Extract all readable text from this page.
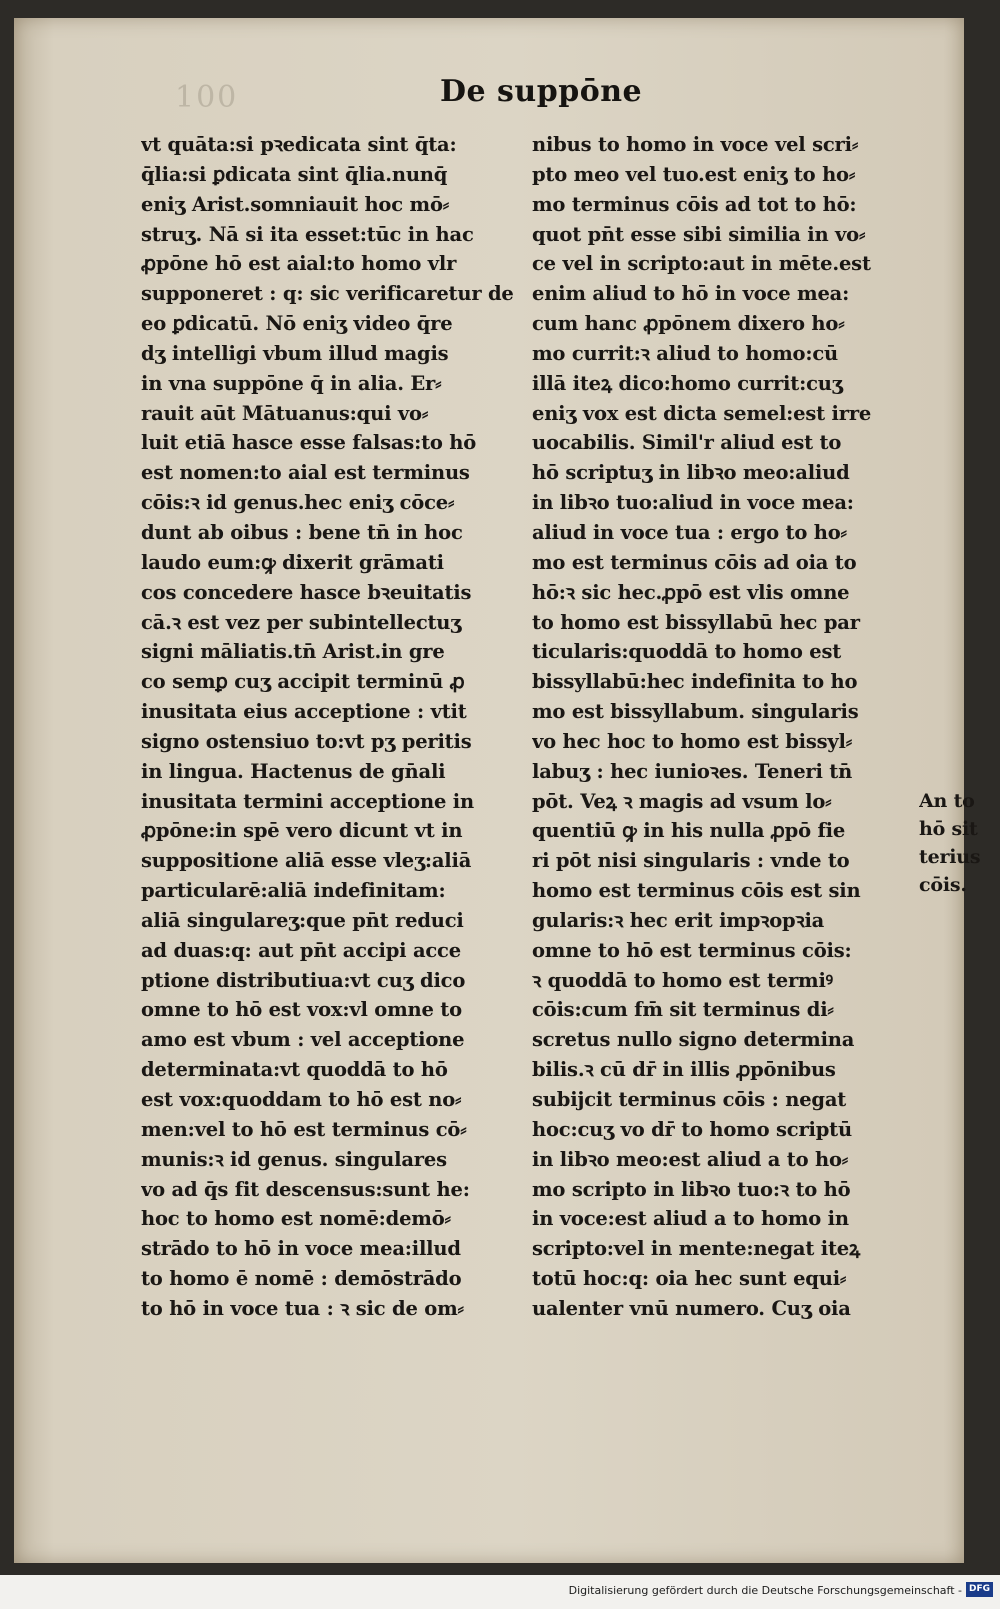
100	De suppōne
vt quāta:si pꝛedicata sint q̄ta:
q̄lia:si ꝑdicata sint q̄lia.nunq̄
eniʒ Arist.somniauit hoc mō⸗
struʒ. Nā si ita esset:tūc in hac
ꝓpōne hō est aial:to homo vlr
supponeret : q: sic verificaretur de
eo ꝑdicatū. Nō eniʒ video q̄re
dʒ intelligi vbum illud magis
in vna suppōne q̄ in alia. Er⸗
rauit aūt Mātuanus:qui vo⸗
luit etiā hasce esse falsas:to hō
est nomen:to aial est terminus
cōis:ꝛ id genus.hec eniʒ cōce⸗
dunt ab oibus : bene tn̄ in hoc
laudo eum:ꝙ dixerit grāmati
cos concedere hasce bꝛeuitatis
cā.ꝛ est vez per subintellectuʒ
signi māliatis.tn̄ Arist.in gre
co semꝑ cuʒ accipit terminū ꝓ
inusitata eius acceptione : vtit
signo ostensiuo to:vt pʒ peritis
in lingua. Hactenus de gn̄ali
inusitata termini acceptione in
ꝓpōne:in spē vero dicunt vt in
suppositione aliā esse vleʒ:aliā
particularē:aliā indefinitam:
aliā singulareʒ:que pn̄t reduci
ad duas:q: aut pn̄t accipi acce
ptione distributiua:vt cuʒ dico
omne to hō est vox:vl omne to
amo est vbum : vel acceptione
determinata:vt quoddā to hō
est vox:quoddam to hō est no⸗
men:vel to hō est terminus cō⸗
munis:ꝛ id genus. singulares
vo ad q̄s fit descensus:sunt he:
hoc to homo est nomē:demō⸗
strādo to hō in voce mea:illud
to homo ē nomē : demōstrādo
to hō in voce tua : ꝛ sic de om⸗
nibus to homo in voce vel scri⸗
pto meo vel tuo.est eniʒ to ho⸗
mo terminus cōis ad tot to hō:
quot pn̄t esse sibi similia in vo⸗
ce vel in scripto:aut in mēte.est
enim aliud to hō in voce mea:
cum hanc ꝓpōnem dixero ho⸗
mo currit:ꝛ aliud to homo:cū
illā iteꝝ dico:homo currit:cuʒ
eniʒ vox est dicta semel:est irre
uocabilis. Simil'r aliud est to
hō scriptuʒ in libꝛo meo:aliud
in libꝛo tuo:aliud in voce mea:
aliud in voce tua : ergo to ho⸗
mo est terminus cōis ad oia to
hō:ꝛ sic hec.ꝓpō est vlis omne
to homo est bissyllabū hec par
ticularis:quoddā to homo est
bissyllabū:hec indefinita to ho
mo est bissyllabum. singularis
vo hec hoc to homo est bissyl⸗
labuʒ : hec iunioꝛes. Teneri tn̄
pōt. Veꝝ ꝛ magis ad vsum lo⸗
quentiū ꝙ in his nulla ꝓpō fie
ri pōt nisi singularis : vnde to
homo est terminus cōis est sin
gularis:ꝛ hec erit impꝛopꝛia
omne to hō est terminus cōis:
ꝛ quoddā to homo est termiꝰ
cōis:cum fm̄ sit terminus di⸗
scretus nullo signo determina
bilis.ꝛ cū dr̄ in illis ꝓpōnibus
subijcit terminus cōis : negat
hoc:cuʒ vo dr̄ to homo scriptū
in libꝛo meo:est aliud a to ho⸗
mo scripto in libꝛo tuo:ꝛ to hō
in voce:est aliud a to homo in
scripto:vel in mente:negat iteꝝ
totū hoc:q: oia hec sunt equi⸗
ualenter vnū numero. Cuʒ oia
An to
hō sit
terius
cōis.
Digitalisierung gefördert durch die Deutsche Forschungsgemeinschaft - DFG
